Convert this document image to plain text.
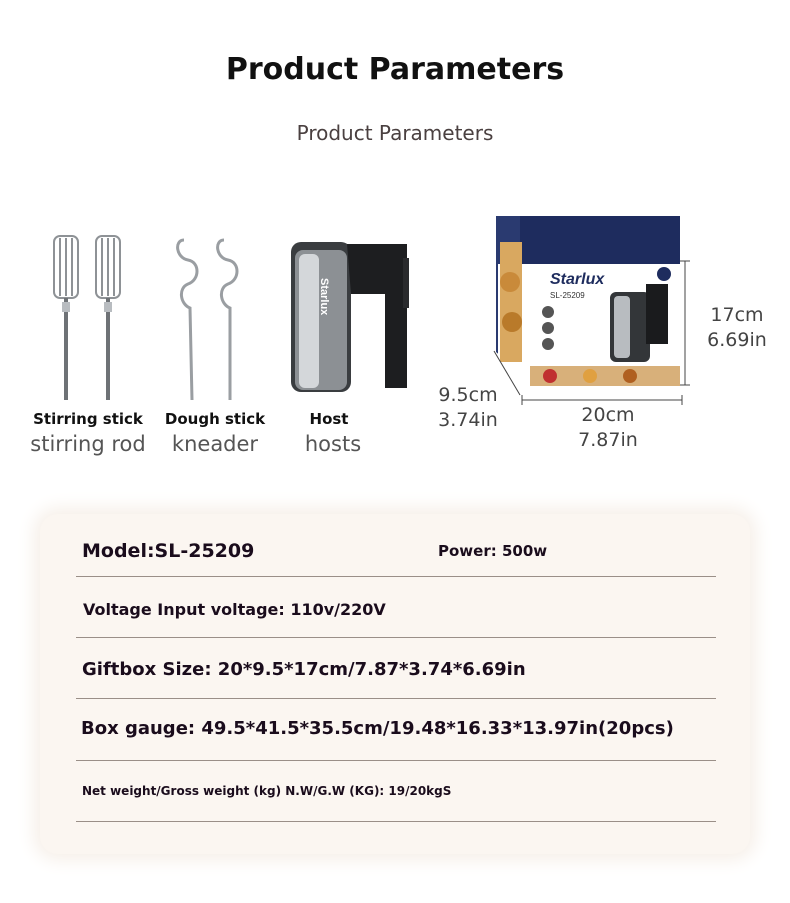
Product Parameters
Product Parameters
Stirring stick
stirring rod
Dough stick
kneader
Starlux
Host
hosts
Starlux
SL-25209
17cm
6.69in
9.5cm
3.74in	20cm
7.87in
Model:SL-25209	Power: 500w
Voltage Input voltage: 110v/220V
Giftbox Size: 20*9.5*17cm/7.87*3.74*6.69in
Box gauge: 49.5*41.5*35.5cm/19.48*16.33*13.97in(20pcs)
Net weight/Gross weight (kg) N.W/G.W (KG): 19/20kgS
